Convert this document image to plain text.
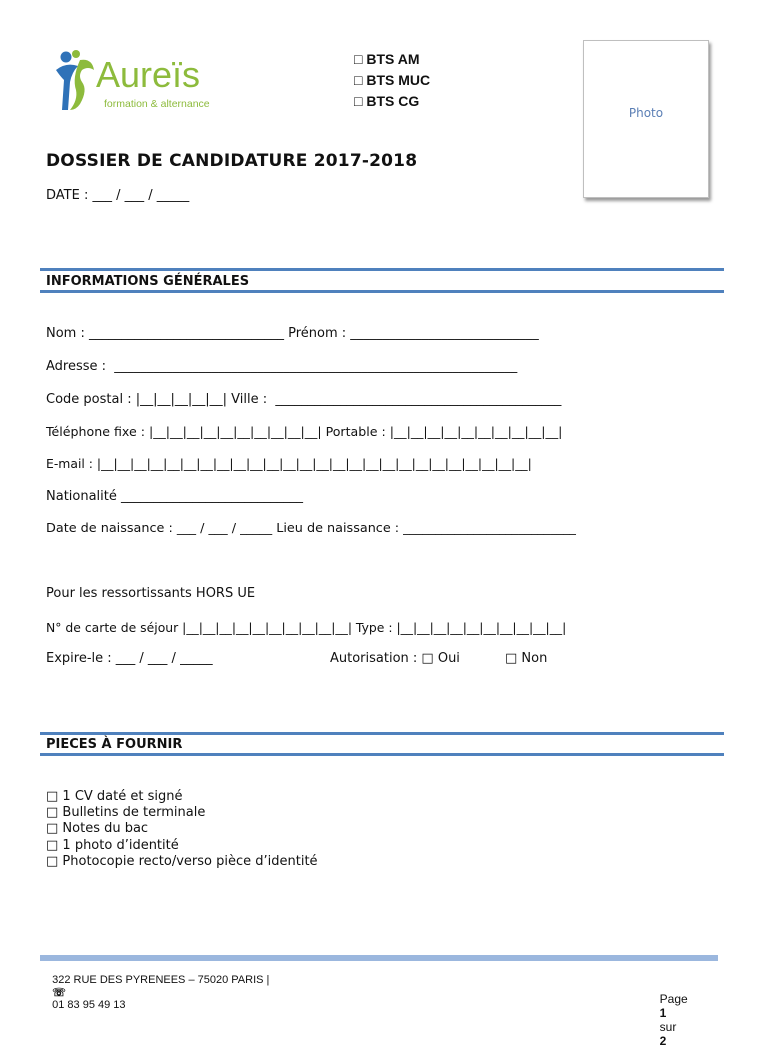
Aureïs

formation & alternance

□ BTS AM
□ BTS MUC
□ BTS CG
Photo
DOSSIER DE CANDIDATURE 2017-2018
DATE : ___ / ___ / _____
INFORMATIONS GÉNÉRALES
Nom : ______________________________ Prénom : _____________________________
Adresse :  ______________________________________________________________
Code postal : |__|__|__|__|__| Ville :  ____________________________________________
Téléphone fixe : |__|__|__|__|__|__|__|__|__|__| Portable : |__|__|__|__|__|__|__|__|__|__|
E-mail : |__|__|__|__|__|__|__|__|__|__|__|__|__|__|__|__|__|__|__|__|__|__|__|__|__|__|
Nationalité ____________________________
Date de naissance : ___ / ___ / _____ Lieu de naissance : ___________________________
Pour les ressortissants HORS UE
N° de carte de séjour |__|__|__|__|__|__|__|__|__|__| Type : |__|__|__|__|__|__|__|__|__|__|
Expire-le : ___ / ___ / _____	Autorisation : □ Oui	□ Non
PIECES À FOURNIR
□ 1 CV daté et signé
□ Bulletins de terminale
□ Notes du bac
□ 1 photo d’identité
□ Photocopie recto/verso pièce d’identité

322 RUE DES PYRENEES – 75020 PARIS |
☏
01 83 95 49 13	Page
1
sur
2
